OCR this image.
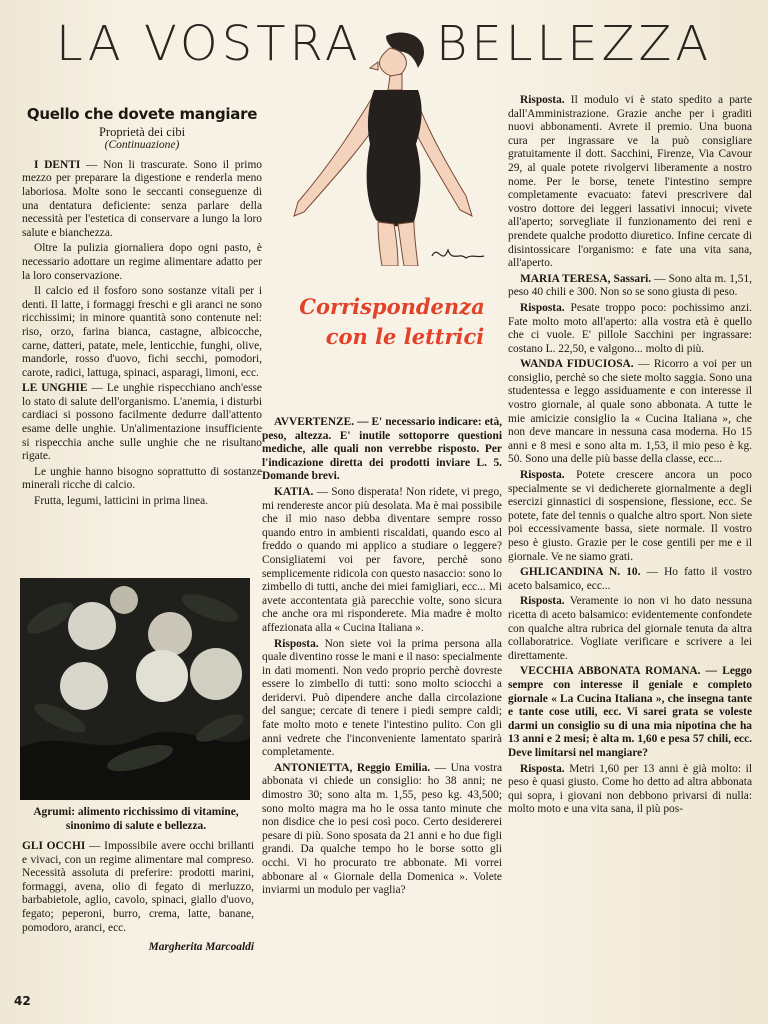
LA VOSTRA BELLEZZA
Quello che dovete mangiare
Proprietà dei cibi
(Continuazione)

I DENTI — Non li trascurate. Sono il primo mezzo per preparare la digestione e renderla meno laboriosa. Molte sono le seccanti conseguenze di una dentatura deficiente: senza parlare della necessità per l'estetica di conservare a lungo la loro salute e bianchezza.

Oltre la pulizia giornaliera dopo ogni pasto, è necessario adottare un regime alimentare adatto per la loro conservazione.

Il calcio ed il fosforo sono sostanze vitali per i denti. Il latte, i formaggi freschi e gli aranci ne sono ricchissimi; in minore quantità sono contenute nel: riso, orzo, farina bianca, castagne, albicocche, carne, datteri, patate, mele, lenticchie, funghi, olive, mandorle, rosso d'uovo, fichi secchi, pomodori, carote, radici, lattuga, spinaci, asparagi, limoni, ecc.

LE UNGHIE — Le unghie rispecchiano anch'esse lo stato di salute dell'organismo. L'anemia, i disturbi cardiaci si possono facilmente dedurre dall'attento esame delle unghie. Un'alimentazione insufficiente si rispecchia anche sulle unghie che ne risultano rigate.

Le unghie hanno bisogno soprattutto di sostanze minerali ricche di calcio.

Frutta, legumi, latticini in prima linea.

Agrumi: alimento ricchissimo di vitamine, sinonimo di salute e bellezza.

GLI OCCHI — Impossibile avere occhi brillanti e vivaci, con un regime alimentare mal compreso. Necessità assoluta di preferire: prodotti marini, formaggi, avena, olio di fegato di merluzzo, barbabietole, aglio, cavolo, spinaci, giallo d'uovo, fegato; peperoni, burro, crema, latte, banane, pomodoro, aranci, ecc.

Margherita Marcoaldi
Corrispondenza

con le lettrici

AVVERTENZE. — E' necessario indicare: età, peso, altezza. E' inutile sottoporre questioni mediche, alle quali non verrebbe risposto. Per l'indicazione diretta dei prodotti inviare L. 5. Domande brevi.

KATIA. — Sono disperata! Non ridete, vi prego, mi rendereste ancor più desolata. Ma è mai possibile che il mio naso debba diventare sempre rosso quando entro in ambienti riscaldati, quando esco al freddo o quando mi applico a studiare o leggere? Consigliatemi voi per favore, perchè sono semplicemente ridicola con questo nasaccio: sono lo zimbello di tutti, anche dei miei famigliari, ecc... Mi avete accontentata già parecchie volte, sono sicura che anche ora mi risponderete. Mia madre è molto affezionata alla « Cucina Italiana ».

Risposta. Non siete voi la prima persona alla quale diventino rosse le mani e il naso: specialmente in dati momenti. Non vedo proprio perchè dovreste essere lo zimbello di tutti: sono molto sciocchi a deridervi. Può dipendere anche dalla circolazione del sangue; cercate di tenere i piedi sempre caldi; fate molto moto e tenete l'intestino pulito. Con gli anni vedrete che l'inconveniente lamentato sparirà completamente.

ANTONIETTA, Reggio Emilia. — Una vostra abbonata vi chiede un consiglio: ho 38 anni; ne dimostro 30; sono alta m. 1,55, peso kg. 43,500; sono molto magra ma ho le ossa tanto minute che non disdice che io pesi così poco. Certo desidererei pesare di più. Sono sposata da 21 anni e ho due figli grandi. Da qualche tempo ho le borse sotto gli occhi. Vi ho procurato tre abbonate. Mi vorrei abbonare al « Giornale della Domenica ». Volete inviarmi un modulo per vaglia?

Risposta. Il modulo vi è stato spedito a parte dall'Amministrazione. Grazie anche per i graditi nuovi abbonamenti. Avrete il premio. Una buona cura per ingrassare ve la può consigliare gratuitamente il dott. Sacchini, Firenze, Via Cavour 29, al quale potete rivolgervi liberamente a nostro nome. Per le borse, tenete l'intestino sempre completamente evacuato: fatevi prescrivere dal vostro dottore dei leggeri lassativi innocui; vivete all'aperto; sorvegliate il funzionamento dei reni e prendete qualche prodotto diuretico. Infine cercate di disintossicare l'organismo: e fate una vita sana, all'aperto.

MARIA TERESA, Sassari. — Sono alta m. 1,51, peso 40 chili e 300. Non so se sono giusta di peso.

Risposta. Pesate troppo poco: pochissimo anzi. Fate molto moto all'aperto: alla vostra età è quello che ci vuole. E' pillole Sacchini per ingrassare: costano L. 22,50, e valgono... molto di più.

WANDA FIDUCIOSA. — Ricorro a voi per un consiglio, perchè so che siete molto saggia. Sono una studentessa e leggo assiduamente e con interesse il vostro giornale, al quale sono abbonata. A tutte le mie amicizie consiglio la « Cucina Italiana », che non deve mancare in nessuna casa moderna. Ho 15 anni e 8 mesi e sono alta m. 1,53, il mio peso è kg. 50. Sono una delle più basse della classe, ecc...

Risposta. Potete crescere ancora un poco specialmente se vi dedicherete giornalmente a degli esercizi ginnastici di sospensione, flessione, ecc. Se potete, fate del tennis o qualche altro sport. Non siete poi eccessivamente bassa, siete normale. Il vostro peso è giusto. Grazie per le cose gentili per me e il giornale. Ve ne siamo grati.

GHLICANDINA N. 10. — Ho fatto il vostro aceto balsamico, ecc...

Risposta. Veramente io non vi ho dato nessuna ricetta di aceto balsamico: evidentemente confondete con qualche altra rubrica del giornale tenuta da altra collaboratrice. Vogliate verificare e scrivere a lei direttamente.

VECCHIA ABBONATA ROMANA. — Leggo sempre con interesse il geniale e completo giornale « La Cucina Italiana », che insegna tante e tante cose utili, ecc. Vi sarei grata se voleste darmi un consiglio su di una mia nipotina che ha 13 anni e 2 mesi; è alta m. 1,60 e pesa 57 chili, ecc. Deve limitarsi nel mangiare?

Risposta. Metri 1,60 per 13 anni è già molto: il peso è quasi giusto. Come ho detto ad altra abbonata qui sopra, i giovani non debbono privarsi di nulla: molto moto e una vita sana, il più pos-

42
